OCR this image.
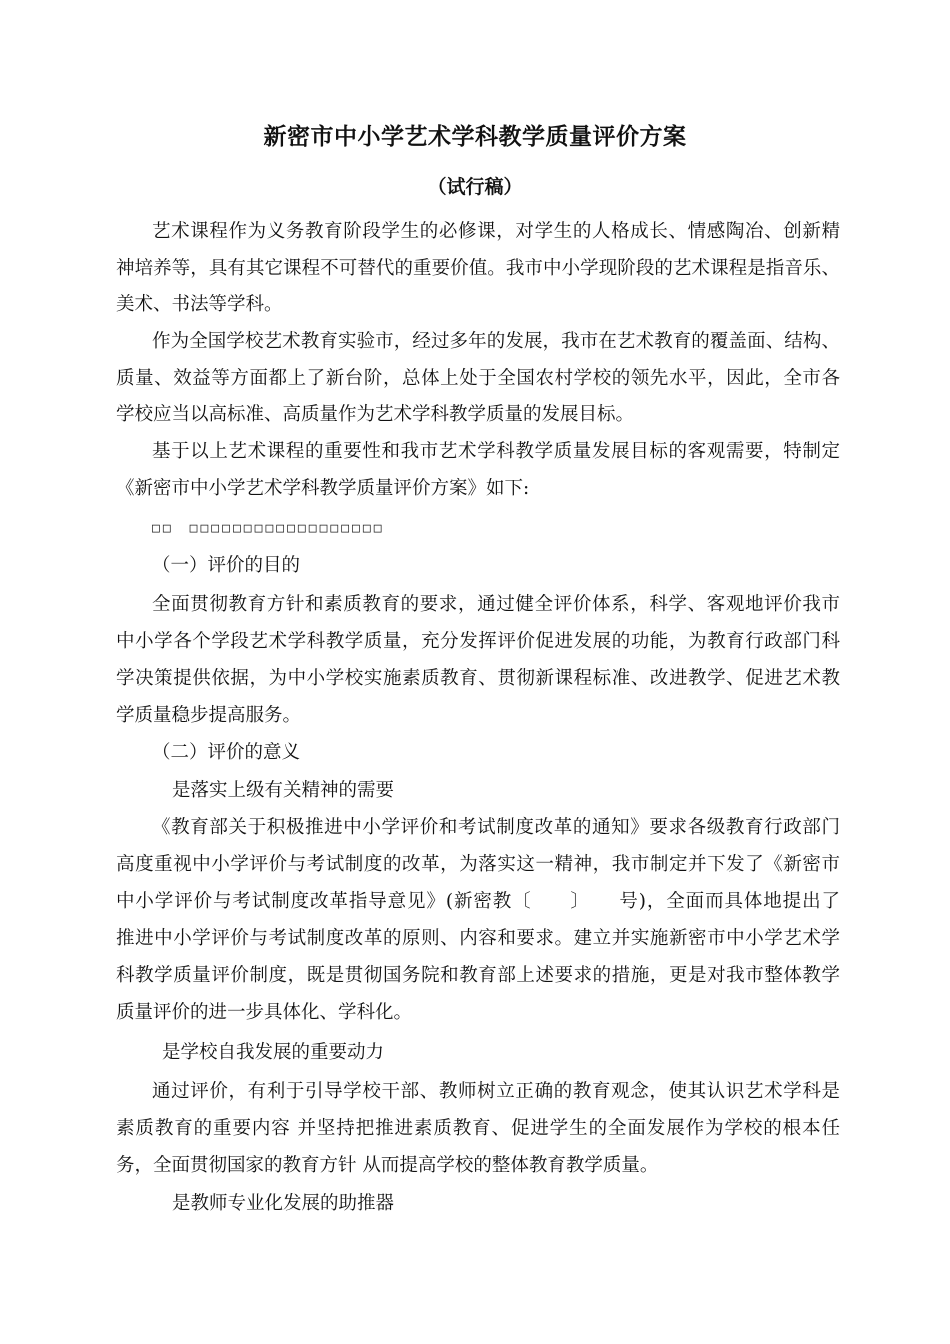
新密市中小学艺术学科教学质量评价方案
（试行稿）
艺术课程作为义务教育阶段学生的必修课，对学生的人格成长、情感陶冶、创新精
神培养等，具有其它课程不可替代的重要价值。我市中小学现阶段的艺术课程是指音乐、
美术、书法等学科。
作为全国学校艺术教育实验市，经过多年的发展，我市在艺术教育的覆盖面、结构、
质量、效益等方面都上了新台阶，总体上处于全国农村学校的领先水平，因此，全市各
学校应当以高标准、高质量作为艺术学科教学质量的发展目标。
基于以上艺术课程的重要性和我市艺术学科教学质量发展目标的客观需要，特制定
《新密市中小学艺术学科教学质量评价方案》如下:
□□　□□□□□□□□□□□□□□□□□□
（一）评价的目的
全面贯彻教育方针和素质教育的要求，通过健全评价体系，科学、客观地评价我市
中小学各个学段艺术学科教学质量，充分发挥评价促进发展的功能，为教育行政部门科
学决策提供依据，为中小学校实施素质教育、贯彻新课程标准、改进教学、促进艺术教
学质量稳步提高服务。
（二）评价的意义
是落实上级有关精神的需要
《教育部关于积极推进中小学评价和考试制度改革的通知》要求各级教育行政部门
高度重视中小学评价与考试制度的改革，为落实这一精神，我市制定并下发了《新密市
中小学评价与考试制度改革指导意见》(新密教〔　　〕　　号)，全面而具体地提出了
推进中小学评价与考试制度改革的原则、内容和要求。建立并实施新密市中小学艺术学
科教学质量评价制度，既是贯彻国务院和教育部上述要求的措施，更是对我市整体教学
质量评价的进一步具体化、学科化。
是学校自我发展的重要动力
通过评价，有利于引导学校干部、教师树立正确的教育观念，使其认识艺术学科是
素质教育的重要内容 并坚持把推进素质教育、促进学生的全面发展作为学校的根本任
务，全面贯彻国家的教育方针 从而提高学校的整体教育教学质量。
是教师专业化发展的助推器
